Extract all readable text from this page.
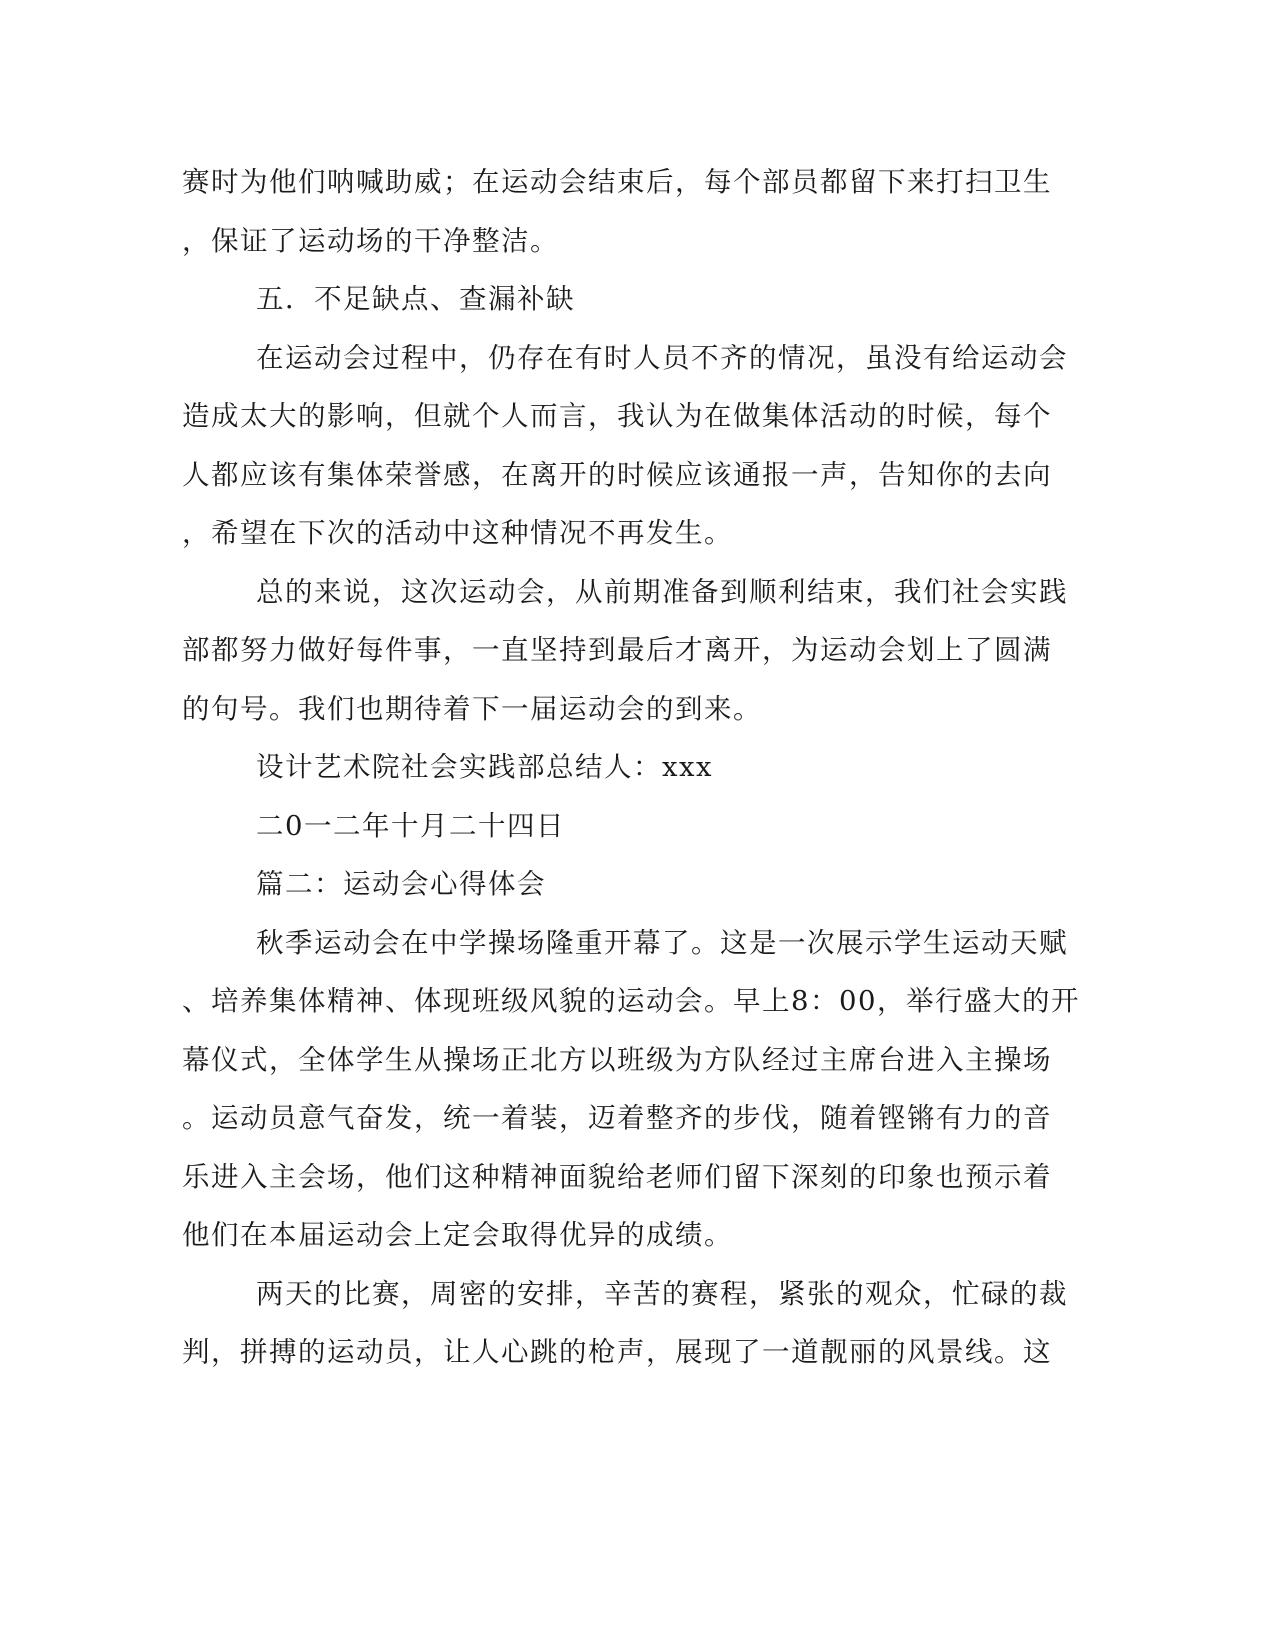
赛时为他们呐喊助威；在运动会结束后，每个部员都留下来打扫卫生
，保证了运动场的干净整洁。
五．不足缺点、查漏补缺
在运动会过程中，仍存在有时人员不齐的情况，虽没有给运动会
造成太大的影响，但就个人而言，我认为在做集体活动的时候，每个
人都应该有集体荣誉感，在离开的时候应该通报一声，告知你的去向
，希望在下次的活动中这种情况不再发生。
总的来说，这次运动会，从前期准备到顺利结束，我们社会实践
部都努力做好每件事，一直坚持到最后才离开，为运动会划上了圆满
的句号。我们也期待着下一届运动会的到来。
设计艺术院社会实践部总结人：xxx
二0一二年十月二十四日
篇二：运动会心得体会
秋季运动会在中学操场隆重开幕了。这是一次展示学生运动天赋
、培养集体精神、体现班级风貌的运动会。早上8：00，举行盛大的开
幕仪式，全体学生从操场正北方以班级为方队经过主席台进入主操场
。运动员意气奋发，统一着装，迈着整齐的步伐，随着铿锵有力的音
乐进入主会场，他们这种精神面貌给老师们留下深刻的印象也预示着
他们在本届运动会上定会取得优异的成绩。
两天的比赛，周密的安排，辛苦的赛程，紧张的观众，忙碌的裁
判，拼搏的运动员，让人心跳的枪声，展现了一道靓丽的风景线。这
